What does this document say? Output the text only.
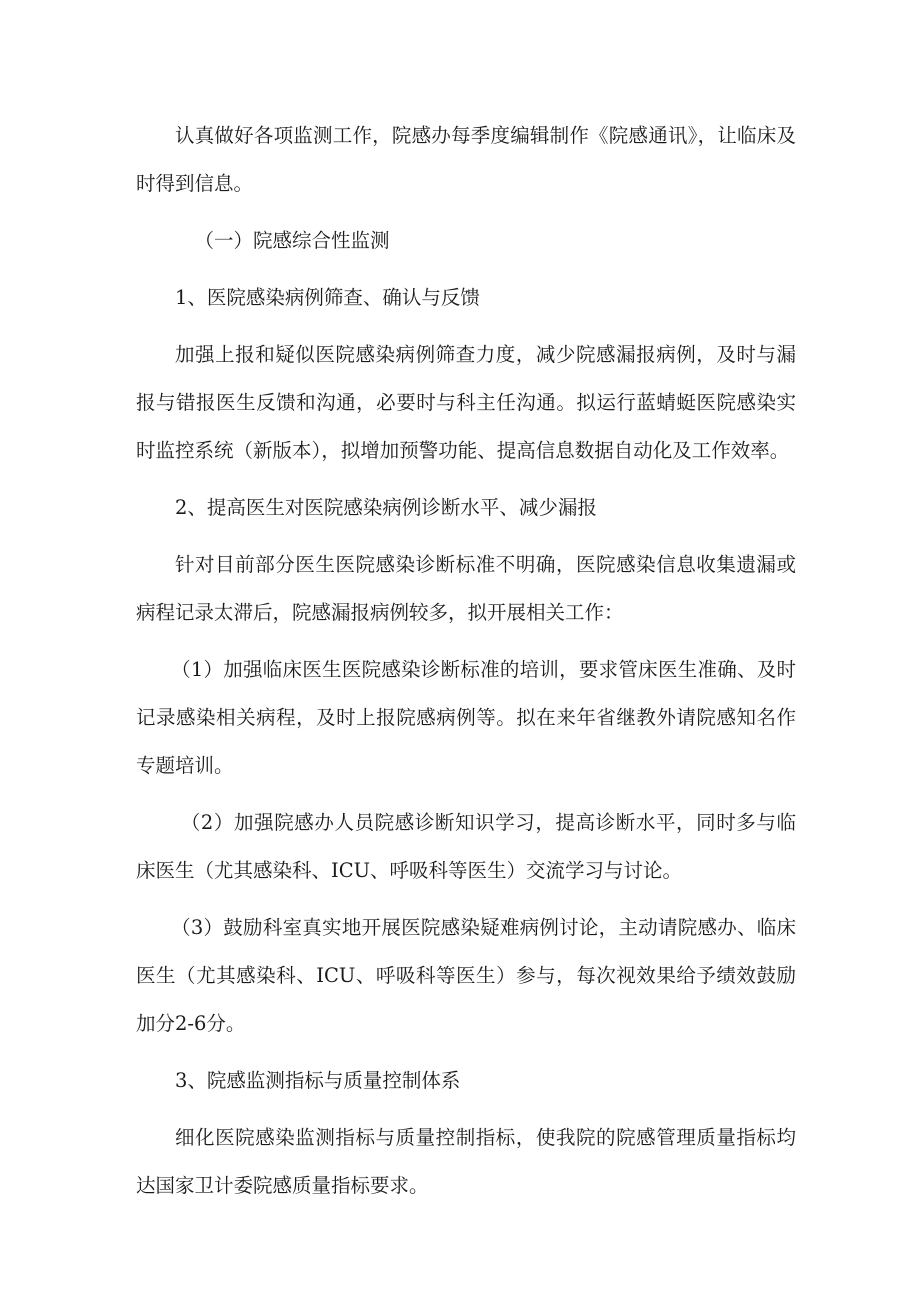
认真做好各项监测工作，院感办每季度编辑制作《院感通讯》，让临床及时得到信息。

（一）院感综合性监测

1、医院感染病例筛查、确认与反馈

加强上报和疑似医院感染病例筛查力度，减少院感漏报病例，及时与漏报与错报医生反馈和沟通，必要时与科主任沟通。拟运行蓝蜻蜓医院感染实时监控系统（新版本），拟增加预警功能、提高信息数据自动化及工作效率。

2、提高医生对医院感染病例诊断水平、减少漏报

针对目前部分医生医院感染诊断标准不明确，医院感染信息收集遗漏或病程记录太滞后，院感漏报病例较多，拟开展相关工作：

（1）加强临床医生医院感染诊断标准的培训，要求管床医生准确、及时记录感染相关病程，及时上报院感病例等。拟在来年省继教外请院感知名作专题培训。

（2）加强院感办人员院感诊断知识学习，提高诊断水平，同时多与临床医生（尤其感染科、ICU、呼吸科等医生）交流学习与讨论。

（3）鼓励科室真实地开展医院感染疑难病例讨论，主动请院感办、临床医生（尤其感染科、ICU、呼吸科等医生）参与，每次视效果给予绩效鼓励加分2-6分。

3、院感监测指标与质量控制体系

细化医院感染监测指标与质量控制指标，使我院的院感管理质量指标均达国家卫计委院感质量指标要求。
